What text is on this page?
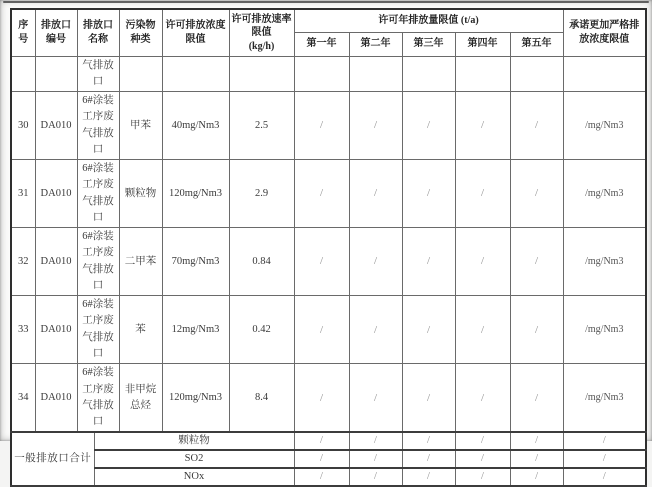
序号	排放口编号	排放口名称		污染物种类	许可排放浓度限值	许可排放速率限值
(kg/h)	许可年排放量限值 (t/a)					承诺更加严格排放浓度限值
							第一年	第二年	第三年	第四年	第五年	
		气排放口										
30	DA010	6#涂装工序废气排放口		甲苯	40mg/Nm3	2.5	/	/	/	/	/	/mg/Nm3
31	DA010	6#涂装工序废气排放口		颗粒物	120mg/Nm3	2.9	/	/	/	/	/	/mg/Nm3
32	DA010	6#涂装工序废气排放口		二甲苯	70mg/Nm3	0.84	/	/	/	/	/	/mg/Nm3
33	DA010	6#涂装工序废气排放口		苯	12mg/Nm3	0.42	/	/	/	/	/	/mg/Nm3
34	DA010	6#涂装工序废气排放口		非甲烷总烃	120mg/Nm3	8.4	/	/	/	/	/	/mg/Nm3
一般排放口合计			颗粒物				/	/	/	/	/	/
			SO2				/	/	/	/	/	/
			NOx				/	/	/	/	/	/
